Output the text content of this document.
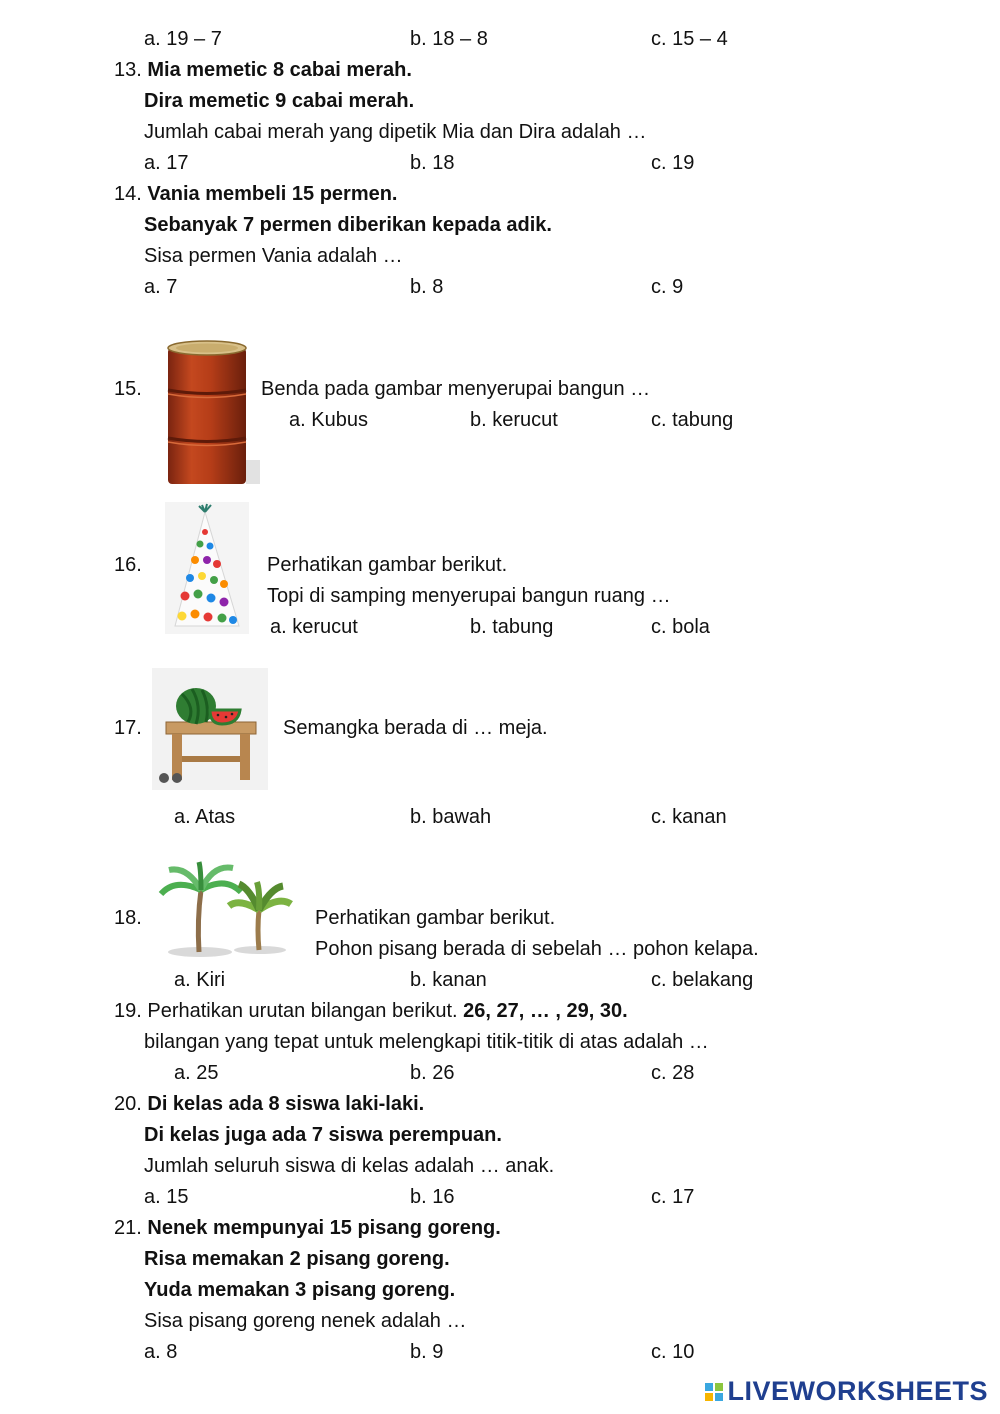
a. 19 – 7	b. 18 – 8	c. 15 – 4
13. Mia memetic 8 cabai merah.
Dira memetic 9 cabai merah.
Jumlah cabai merah yang dipetik Mia dan Dira adalah …
a. 17	b. 18	c. 19
14. Vania membeli 15 permen.
Sebanyak 7 permen diberikan kepada adik.
Sisa permen Vania adalah …
a. 7	b. 8	c. 9
15.	Benda pada gambar menyerupai bangun …
a. Kubus	b. kerucut	c. tabung
16.	Perhatikan gambar berikut.
Topi di samping menyerupai bangun ruang …
a. kerucut	b. tabung	c. bola
17.	Semangka berada di … meja.
a. Atas	b. bawah	c. kanan
18.	Perhatikan gambar berikut.
Pohon pisang berada di sebelah … pohon kelapa.
a. Kiri	b. kanan	c. belakang
19. Perhatikan urutan bilangan berikut. 26, 27, … , 29, 30.
bilangan yang tepat untuk melengkapi titik-titik di atas adalah …
a. 25	b. 26	c. 28
20. Di kelas ada 8 siswa laki-laki.
Di kelas juga ada 7 siswa perempuan.
Jumlah seluruh siswa di kelas adalah … anak.
a. 15	b. 16	c. 17
21. Nenek mempunyai 15 pisang goreng.
Risa memakan 2 pisang goreng.
Yuda memakan 3 pisang goreng.
Sisa pisang goreng nenek adalah …
a. 8	b. 9	c. 10
LIVEWORKSHEETS
